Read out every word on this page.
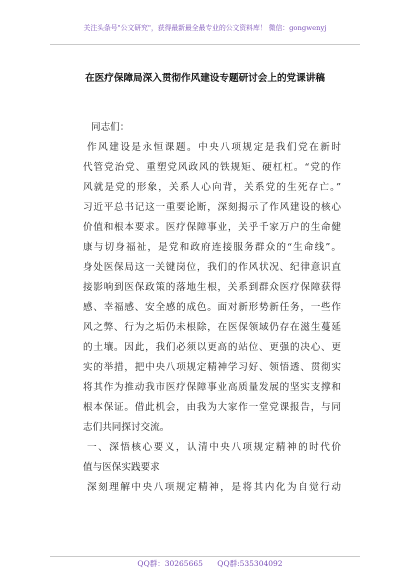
关注头条号"公文研究"，获得最新最全最专业的公文资料库！ 微信：gongwenyj
在医疗保障局深入贯彻作风建设专题研讨会上的党课讲稿
同志们：
作风建设是永恒课题。中央八项规定是我们党在新时
代管党治党、重塑党风政风的铁规矩、硬杠杠。“党的作
风就是党的形象，关系人心向背，关系党的生死存亡。”
习近平总书记这一重要论断，深刻揭示了作风建设的核心
价值和根本要求。医疗保障事业，关乎千家万户的生命健
康与切身福祉，是党和政府连接服务群众的“生命线”。
身处医保局这一关键岗位，我们的作风状况、纪律意识直
接影响到医保政策的落地生根，关系到群众医疗保障获得
感、幸福感、安全感的成色。面对新形势新任务，一些作
风之弊、行为之垢仍未根除，在医保领域仍存在滋生蔓延
的土壤。因此，我们必须以更高的站位、更强的决心、更
实的举措，把中央八项规定精神学习好、领悟透、贯彻实
将其作为推动我市医疗保障事业高质量发展的坚实支撑和
根本保证。借此机会，由我为大家作一堂党课报告，与同
志们共同探讨交流。
一、深悟核心要义，认清中央八项规定精神的时代价
值与医保实践要求
深刻理解中央八项规定精神，是将其内化为自觉行动
QQ群：30265665 QQ群:535304092
